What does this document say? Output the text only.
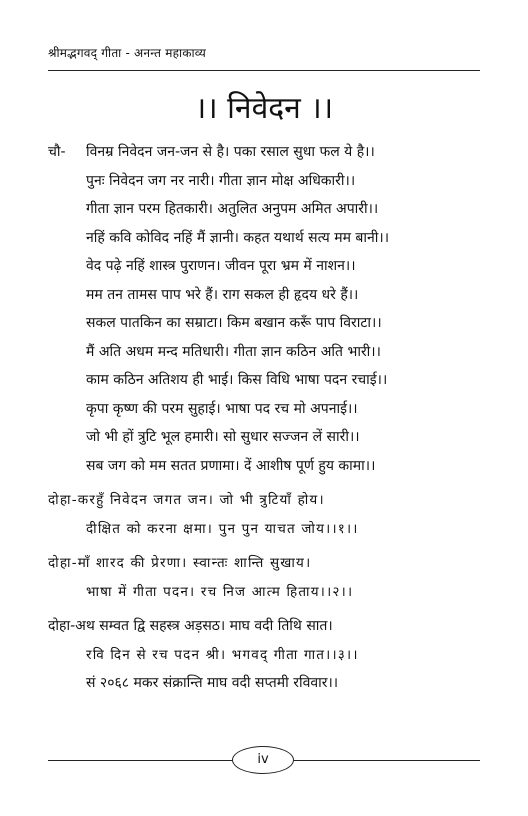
श्रीमद्भगवद् गीता - अनन्त महाकाव्य
।। निवेदन ।।
चौ-	विनम्र निवेदन जन-जन से है। पका रसाल सुधा फल ये है।।
पुनः निवेदन जग नर नारी। गीता ज्ञान मोक्ष अधिकारी।।
गीता ज्ञान परम हितकारी। अतुलित अनुपम अमित अपारी।।
नहिं कवि कोविद नहिं मैं ज्ञानी। कहत यथार्थ सत्य मम बानी।।
वेद पढ़े नहिं शास्त्र पुराणन। जीवन पूरा भ्रम में नाशन।।
मम तन तामस पाप भरे हैं। राग सकल ही हृदय धरे हैं।।
सकल पातकिन का सम्राटा। किम बखान करूँ पाप विराटा।।
मैं अति अधम मन्द मतिधारी। गीता ज्ञान कठिन अति भारी।।
काम कठिन अतिशय ही भाई। किस विधि भाषा पदन रचाई।।
कृपा कृष्ण की परम सुहाई। भाषा पद रच मो अपनाई।।
जो भी हों त्रुटि भूल हमारी। सो सुधार सज्जन लें सारी।।
सब जग को मम सतत प्रणामा। दें आशीष पूर्ण हुय कामा।।
दोहा-करहुँ निवेदन जगत जन। जो भी त्रुटियाँ होय।
दीक्षित को करना क्षमा। पुन पुन याचत जोय।।१।।
दोहा-माँ शारद की प्रेरणा। स्वान्तः शान्ति सुखाय।
भाषा में गीता पदन। रच निज आत्म हिताय।।२।।
दोहा-अथ सम्वत द्वि सहस्त्र अड़सठ। माघ वदी तिथि सात।
रवि दिन से रच पदन श्री। भगवद् गीता गात।।३।।
सं २०६८ मकर संक्रान्ति माघ वदी सप्तमी रविवार।।
iv
